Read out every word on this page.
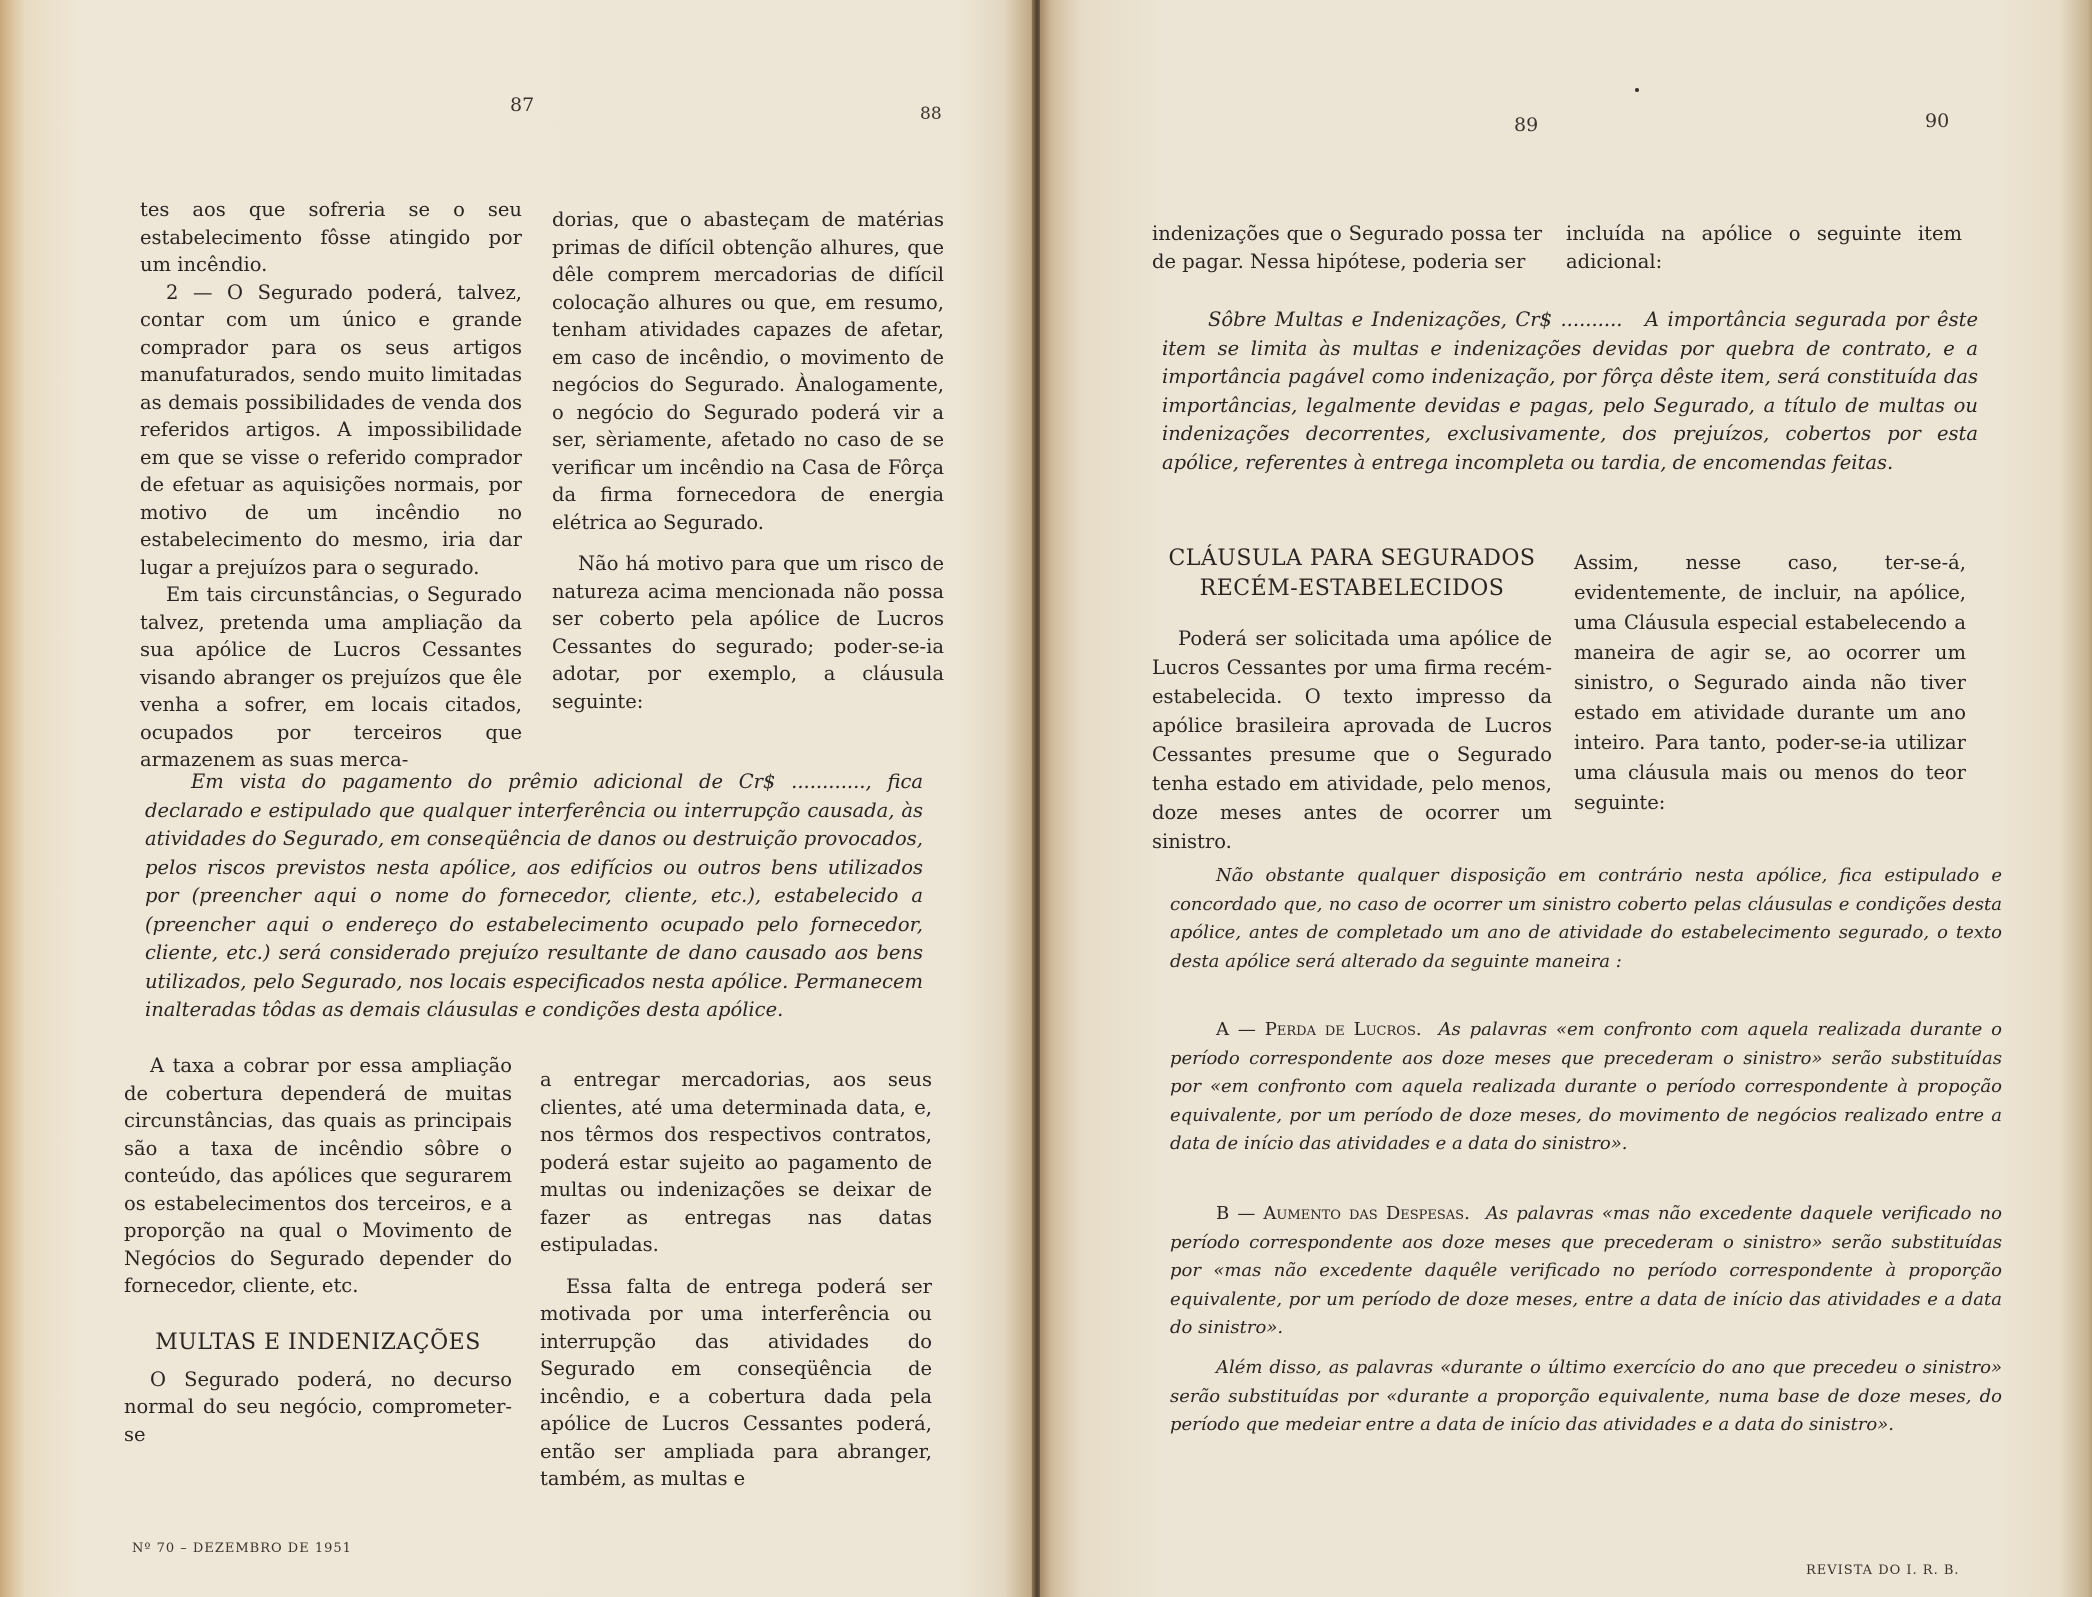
87	88

tes aos que sofreria se o seu estabelecimento fôsse atingido por um incêndio.

2 — O Segurado poderá, talvez, contar com um único e grande comprador para os seus artigos manufaturados, sendo muito limitadas as demais possibilidades de venda dos referidos artigos. A impossibilidade em que se visse o referido comprador de efetuar as aquisições normais, por motivo de um incêndio no estabelecimento do mesmo, iria dar lugar a prejuízos para o segurado.

Em tais circunstâncias, o Segurado talvez, pretenda uma ampliação da sua apólice de Lucros Cessantes visando abranger os prejuízos que êle venha a sofrer, em locais citados, ocupados por terceiros que armazenem as suas merca-

dorias, que o abasteçam de matérias primas de difícil obtenção alhures, que dêle comprem mercadorias de difícil colocação alhures ou que, em resumo, tenham atividades capazes de afetar, em caso de incêndio, o movimento de negócios do Segurado. Ànalogamente, o negócio do Segurado poderá vir a ser, sèriamente, afetado no caso de se verificar um incêndio na Casa de Fôrça da firma fornecedora de energia elétrica ao Segurado.

Não há motivo para que um risco de natureza acima mencionada não possa ser coberto pela apólice de Lucros Cessantes do segurado; poder-se-ia adotar, por exemplo, a cláusula seguinte:

Em vista do pagamento do prêmio adicional de Cr$ ............, fica declarado e estipulado que qualquer interferência ou interrupção causada, às atividades do Segurado, em conseqüência de danos ou destruição provocados, pelos riscos previstos nesta apólice, aos edifícios ou outros bens utilizados por (preencher aqui o nome do fornecedor, cliente, etc.), estabelecido a (preencher aqui o endereço do estabelecimento ocupado pelo fornecedor, cliente, etc.) será considerado prejuízo resultante de dano causado aos bens utilizados, pelo Segurado, nos locais especificados nesta apólice. Permanecem inalteradas tôdas as demais cláusulas e condições desta apólice.

A taxa a cobrar por essa ampliação de cobertura dependerá de muitas circunstâncias, das quais as principais são a taxa de incêndio sôbre o conteúdo, das apólices que segurarem os estabelecimentos dos terceiros, e a proporção na qual o Movimento de Negócios do Segurado depender do fornecedor, cliente, etc.

MULTAS E INDENIZAÇÕES

O Segurado poderá, no decurso normal do seu negócio, comprometer-se

a entregar mercadorias, aos seus clientes, até uma determinada data, e, nos têrmos dos respectivos contratos, poderá estar sujeito ao pagamento de multas ou indenizações se deixar de fazer as entregas nas datas estipuladas.

Essa falta de entrega poderá ser motivada por uma interferência ou interrupção das atividades do Segurado em conseqüência de incêndio, e a cobertura dada pela apólice de Lucros Cessantes poderá, então ser ampliada para abranger, também, as multas e

Nº 70 – DEZEMBRO DE 1951
89	90
indenizações que o Segurado possa ter de pagar. Nessa hipótese, poderia ser
incluída na apólice o seguinte item adicional:
Sôbre Multas e Indenizações, Cr$ .......... A importância segurada por êste item se limita às multas e indenizações devidas por quebra de contrato, e a importância pagável como indenização, por fôrça dêste item, será constituída das importâncias, legalmente devidas e pagas, pelo Segurado, a título de multas ou indenizações decorrentes, exclusivamente, dos prejuízos, cobertos por esta apólice, referentes à entrega incompleta ou tardia, de encomendas feitas.

CLÁUSULA PARA SEGURADOS RECÉM-ESTABELECIDOS

Poderá ser solicitada uma apólice de Lucros Cessantes por uma firma recém-estabelecida. O texto impresso da apólice brasileira aprovada de Lucros Cessantes presume que o Segurado tenha estado em atividade, pelo menos, doze meses antes de ocorrer um sinistro.

Assim, nesse caso, ter-se-á, evidentemente, de incluir, na apólice, uma Cláusula especial estabelecendo a maneira de agir se, ao ocorrer um sinistro, o Segurado ainda não tiver estado em atividade durante um ano inteiro. Para tanto, poder-se-ia utilizar uma cláusula mais ou menos do teor seguinte:

Não obstante qualquer disposição em contrário nesta apólice, fica estipulado e concordado que, no caso de ocorrer um sinistro coberto pelas cláusulas e condições desta apólice, antes de completado um ano de atividade do estabelecimento segurado, o texto desta apólice será alterado da seguinte maneira :
A — Perda de Lucros. As palavras «em confronto com aquela realizada durante o período correspondente aos doze meses que precederam o sinistro» serão substituídas por «em confronto com aquela realizada durante o período correspondente à propoção equivalente, por um período de doze meses, do movimento de negócios realizado entre a data de início das atividades e a data do sinistro».
B — Aumento das Despesas. As palavras «mas não excedente daquele verificado no período correspondente aos doze meses que precederam o sinistro» serão substituídas por «mas não excedente daquêle verificado no período correspondente à proporção equivalente, por um período de doze meses, entre a data de início das atividades e a data do sinistro».
Além disso, as palavras «durante o último exercício do ano que precedeu o sinistro» serão substituídas por «durante a proporção equivalente, numa base de doze meses, do período que medeiar entre a data de início das atividades e a data do sinistro».
REVISTA DO I. R. B.
